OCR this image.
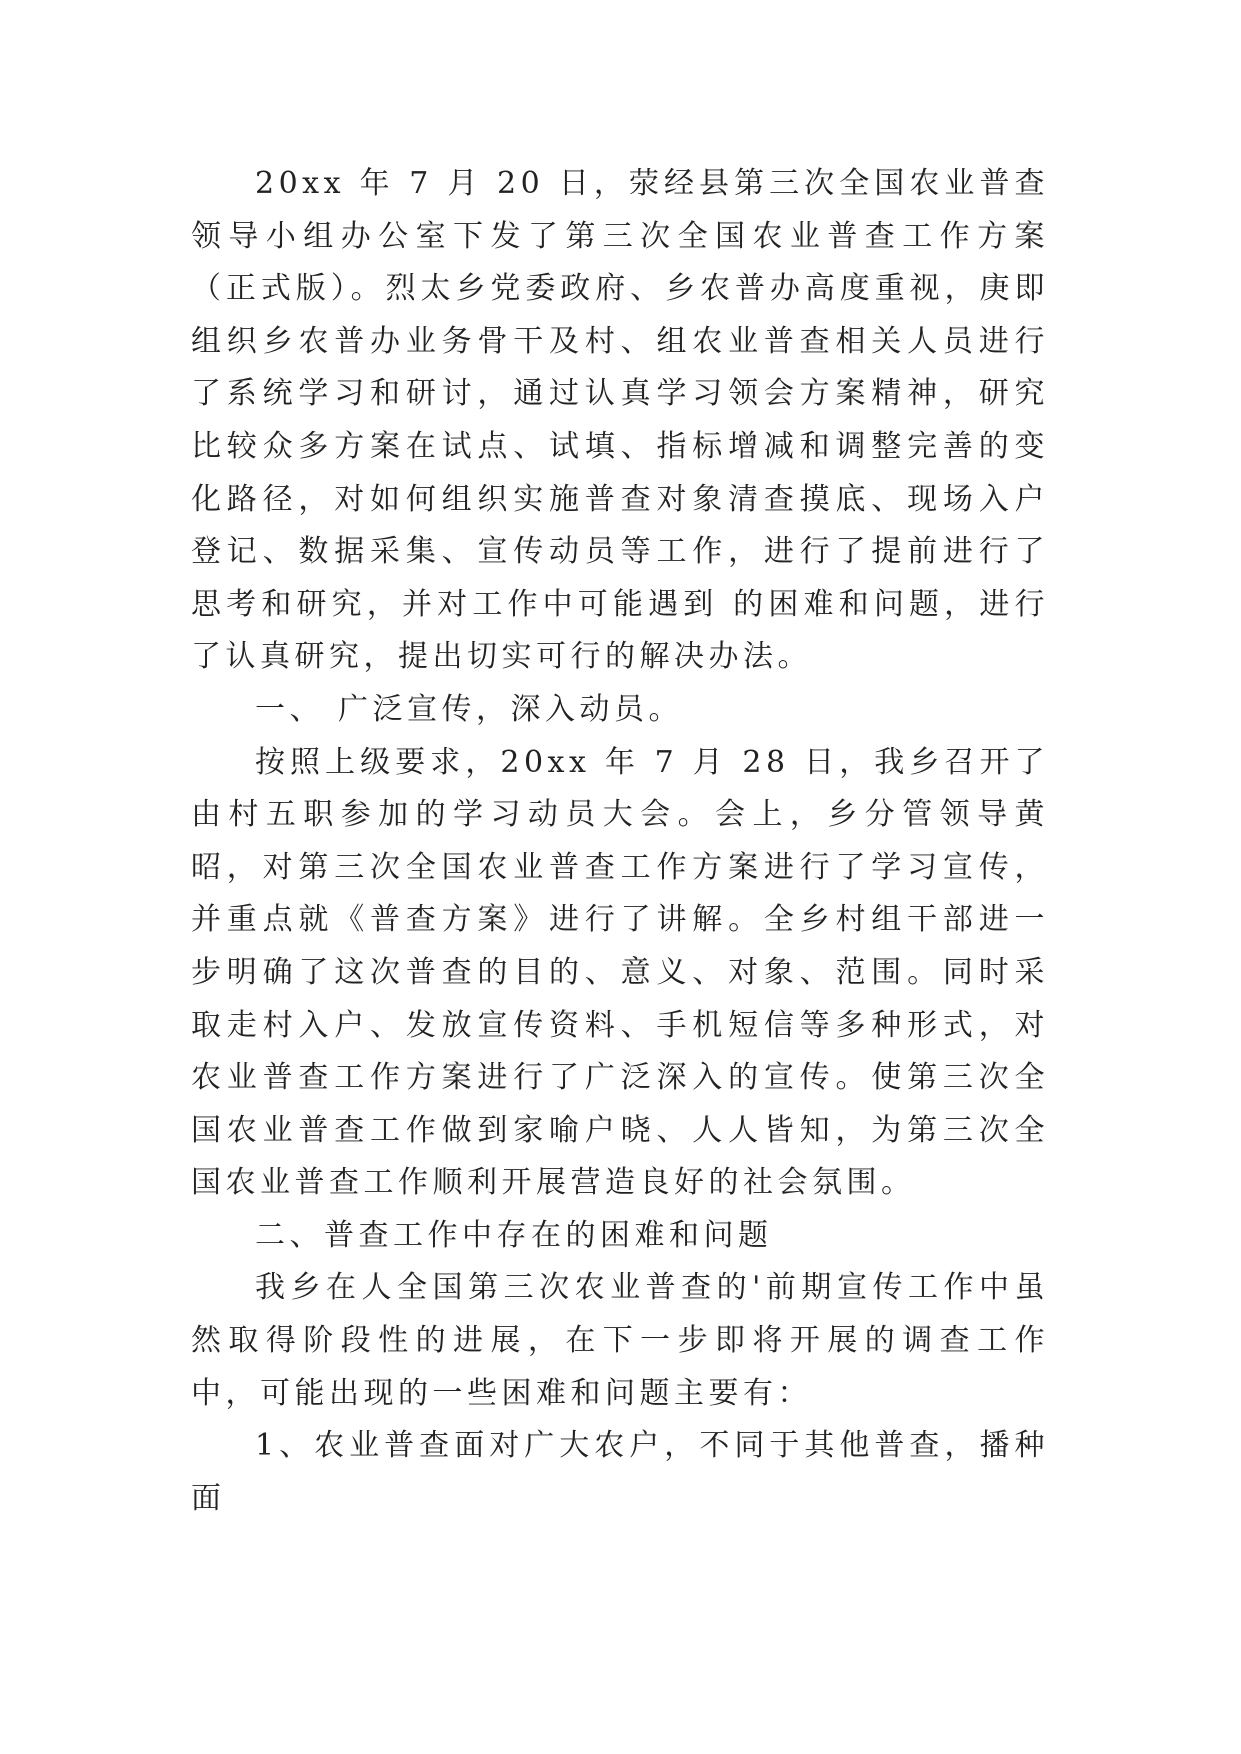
20xx 年 7 月 20 日，荥经县第三次全国农业普查领导小组办公室下发了第三次全国农业普查工作方案（正式版）。烈太乡党委政府、乡农普办高度重视，庚即组织乡农普办业务骨干及村、组农业普查相关人员进行了系统学习和研讨，通过认真学习领会方案精神，研究比较众多方案在试点、试填、指标增减和调整完善的变化路径，对如何组织实施普查对象清查摸底、现场入户登记、数据采集、宣传动员等工作，进行了提前进行了思考和研究，并对工作中可能遇到 的困难和问题，进行了认真研究，提出切实可行的解决办法。

一、 广泛宣传，深入动员。

按照上级要求，20xx 年 7 月 28 日，我乡召开了由村五职参加的学习动员大会。会上，乡分管领导黄昭，对第三次全国农业普查工作方案进行了学习宣传，并重点就《普查方案》进行了讲解。全乡村组干部进一步明确了这次普查的目的、意义、对象、范围。同时采取走村入户、发放宣传资料、手机短信等多种形式，对农业普查工作方案进行了广泛深入的宣传。使第三次全国农业普查工作做到家喻户晓、人人皆知，为第三次全国农业普查工作顺利开展营造良好的社会氛围。

二、普查工作中存在的困难和问题

我乡在人全国第三次农业普查的'前期宣传工作中虽然取得阶段性的进展，在下一步即将开展的调查工作中，可能出现的一些困难和问题主要有：

1、农业普查面对广大农户，不同于其他普查，播种面
